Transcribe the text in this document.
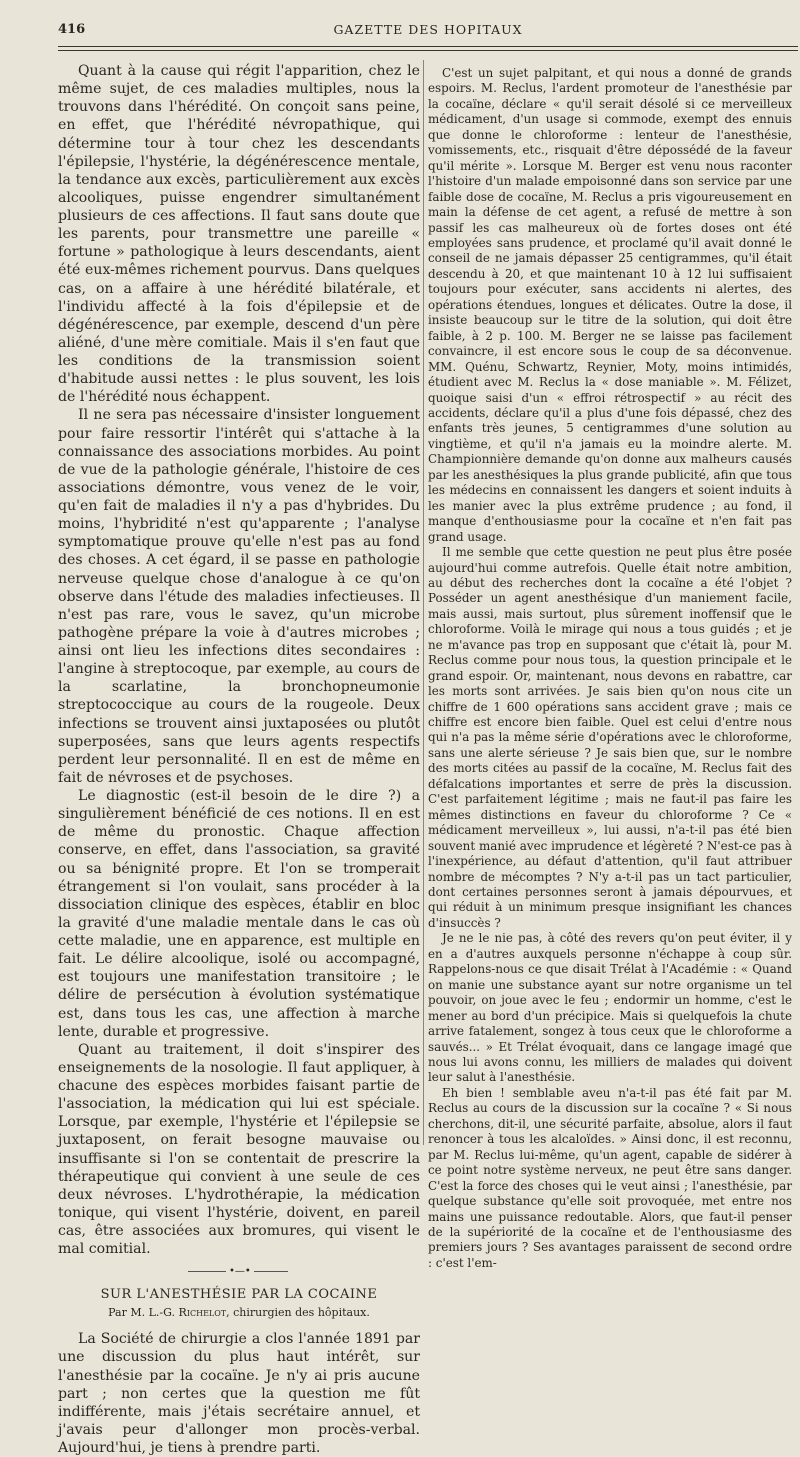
416	GAZETTE DES HOPITAUX

Quant à la cause qui régit l'apparition, chez le même sujet, de ces maladies multiples, nous la trouvons dans l'hérédité. On conçoit sans peine, en effet, que l'hérédité névropathique, qui détermine tour à tour chez les descendants l'épilepsie, l'hystérie, la dégénérescence mentale, la tendance aux excès, particulièrement aux excès alcooliques, puisse engendrer simultanément plusieurs de ces affections. Il faut sans doute que les parents, pour transmettre une pareille « fortune » pathologique à leurs descendants, aient été eux-mêmes richement pourvus. Dans quelques cas, on a affaire à une hérédité bilatérale, et l'individu affecté à la fois d'épilepsie et de dégénérescence, par exemple, descend d'un père aliéné, d'une mère comitiale. Mais il s'en faut que les conditions de la transmission soient d'habitude aussi nettes : le plus souvent, les lois de l'hérédité nous échappent.

Il ne sera pas nécessaire d'insister longuement pour faire ressortir l'intérêt qui s'attache à la connaissance des associations morbides. Au point de vue de la pathologie générale, l'histoire de ces associations démontre, vous venez de le voir, qu'en fait de maladies il n'y a pas d'hybrides. Du moins, l'hybridité n'est qu'apparente ; l'analyse symptomatique prouve qu'elle n'est pas au fond des choses. A cet égard, il se passe en pathologie nerveuse quelque chose d'analogue à ce qu'on observe dans l'étude des maladies infectieuses. Il n'est pas rare, vous le savez, qu'un microbe pathogène prépare la voie à d'autres microbes ; ainsi ont lieu les infections dites secondaires : l'angine à streptocoque, par exemple, au cours de la scarlatine, la bronchopneumonie streptococcique au cours de la rougeole. Deux infections se trouvent ainsi juxtaposées ou plutôt superposées, sans que leurs agents respectifs perdent leur personnalité. Il en est de même en fait de névroses et de psychoses.

Le diagnostic (est-il besoin de le dire ?) a singulièrement bénéficié de ces notions. Il en est de même du pronostic. Chaque affection conserve, en effet, dans l'association, sa gravité ou sa bénignité propre. Et l'on se tromperait étrangement si l'on voulait, sans procéder à la dissociation clinique des espèces, établir en bloc la gravité d'une maladie mentale dans le cas où cette maladie, une en apparence, est multiple en fait. Le délire alcoolique, isolé ou accompagné, est toujours une manifestation transitoire ; le délire de persécution à évolution systématique est, dans tous les cas, une affection à marche lente, durable et progressive.

Quant au traitement, il doit s'inspirer des enseignements de la nosologie. Il faut appliquer, à chacune des espèces morbides faisant partie de l'association, la médication qui lui est spéciale. Lorsque, par exemple, l'hystérie et l'épilepsie se juxtaposent, on ferait besogne mauvaise ou insuffisante si l'on se contentait de prescrire la thérapeutique qui convient à une seule de ces deux névroses. L'hydrothérapie, la médication tonique, qui visent l'hystérie, doivent, en pareil cas, être associées aux bromures, qui visent le mal comitial.

•—•

SUR L'ANESTHÉSIE PAR LA COCAINE

Par M. L.-G. Richelot, chirurgien des hôpitaux.

La Société de chirurgie a clos l'année 1891 par une discussion du plus haut intérêt, sur l'anesthésie par la cocaïne. Je n'y ai pris aucune part ; non certes que la question me fût indifférente, mais j'étais secrétaire annuel, et j'avais peur d'allonger mon procès-verbal. Aujourd'hui, je tiens à prendre parti.

C'est un sujet palpitant, et qui nous a donné de grands espoirs. M. Reclus, l'ardent promoteur de l'anesthésie par la cocaïne, déclare « qu'il serait désolé si ce merveilleux médicament, d'un usage si commode, exempt des ennuis que donne le chloroforme : lenteur de l'anesthésie, vomissements, etc., risquait d'être dépossédé de la faveur qu'il mérite ». Lorsque M. Berger est venu nous raconter l'histoire d'un malade empoisonné dans son service par une faible dose de cocaïne, M. Reclus a pris vigoureusement en main la défense de cet agent, a refusé de mettre à son passif les cas malheureux où de fortes doses ont été employées sans prudence, et proclamé qu'il avait donné le conseil de ne jamais dépasser 25 centigrammes, qu'il était descendu à 20, et que maintenant 10 à 12 lui suffisaient toujours pour exécuter, sans accidents ni alertes, des opérations étendues, longues et délicates. Outre la dose, il insiste beaucoup sur le titre de la solution, qui doit être faible, à 2 p. 100. M. Berger ne se laisse pas facilement convaincre, il est encore sous le coup de sa déconvenue. MM. Quénu, Schwartz, Reynier, Moty, moins intimidés, étudient avec M. Reclus la « dose maniable ». M. Félizet, quoique saisi d'un « effroi rétrospectif » au récit des accidents, déclare qu'il a plus d'une fois dépassé, chez des enfants très jeunes, 5 centigrammes d'une solution au vingtième, et qu'il n'a jamais eu la moindre alerte. M. Championnière demande qu'on donne aux malheurs causés par les anesthésiques la plus grande publicité, afin que tous les médecins en connaissent les dangers et soient induits à les manier avec la plus extrême prudence ; au fond, il manque d'enthousiasme pour la cocaïne et n'en fait pas grand usage.

Il me semble que cette question ne peut plus être posée aujourd'hui comme autrefois. Quelle était notre ambition, au début des recherches dont la cocaïne a été l'objet ? Posséder un agent anesthésique d'un maniement facile, mais aussi, mais surtout, plus sûrement inoffensif que le chloroforme. Voilà le mirage qui nous a tous guidés ; et je ne m'avance pas trop en supposant que c'était là, pour M. Reclus comme pour nous tous, la question principale et le grand espoir. Or, maintenant, nous devons en rabattre, car les morts sont arrivées. Je sais bien qu'on nous cite un chiffre de 1 600 opérations sans accident grave ; mais ce chiffre est encore bien faible. Quel est celui d'entre nous qui n'a pas la même série d'opérations avec le chloroforme, sans une alerte sérieuse ? Je sais bien que, sur le nombre des morts citées au passif de la cocaïne, M. Reclus fait des défalcations importantes et serre de près la discussion. C'est parfaitement légitime ; mais ne faut-il pas faire les mêmes distinctions en faveur du chloroforme ? Ce « médicament merveilleux », lui aussi, n'a-t-il pas été bien souvent manié avec imprudence et légèreté ? N'est-ce pas à l'inexpérience, au défaut d'attention, qu'il faut attribuer nombre de mécomptes ? N'y a-t-il pas un tact particulier, dont certaines personnes seront à jamais dépourvues, et qui réduit à un minimum presque insignifiant les chances d'insuccès ?

Je ne le nie pas, à côté des revers qu'on peut éviter, il y en a d'autres auxquels personne n'échappe à coup sûr. Rappelons-nous ce que disait Trélat à l'Académie : « Quand on manie une substance ayant sur notre organisme un tel pouvoir, on joue avec le feu ; endormir un homme, c'est le mener au bord d'un précipice. Mais si quelquefois la chute arrive fatalement, songez à tous ceux que le chloroforme a sauvés... » Et Trélat évoquait, dans ce langage imagé que nous lui avons connu, les milliers de malades qui doivent leur salut à l'anesthésie.

Eh bien ! semblable aveu n'a-t-il pas été fait par M. Reclus au cours de la discussion sur la cocaïne ? « Si nous cherchons, dit-il, une sécurité parfaite, absolue, alors il faut renoncer à tous les alcaloïdes. » Ainsi donc, il est reconnu, par M. Reclus lui-même, qu'un agent, capable de sidérer à ce point notre système nerveux, ne peut être sans danger. C'est la force des choses qui le veut ainsi ; l'anesthésie, par quelque substance qu'elle soit provoquée, met entre nos mains une puissance redoutable. Alors, que faut-il penser de la supériorité de la cocaïne et de l'enthousiasme des premiers jours ? Ses avantages paraissent de second ordre : c'est l'em-
